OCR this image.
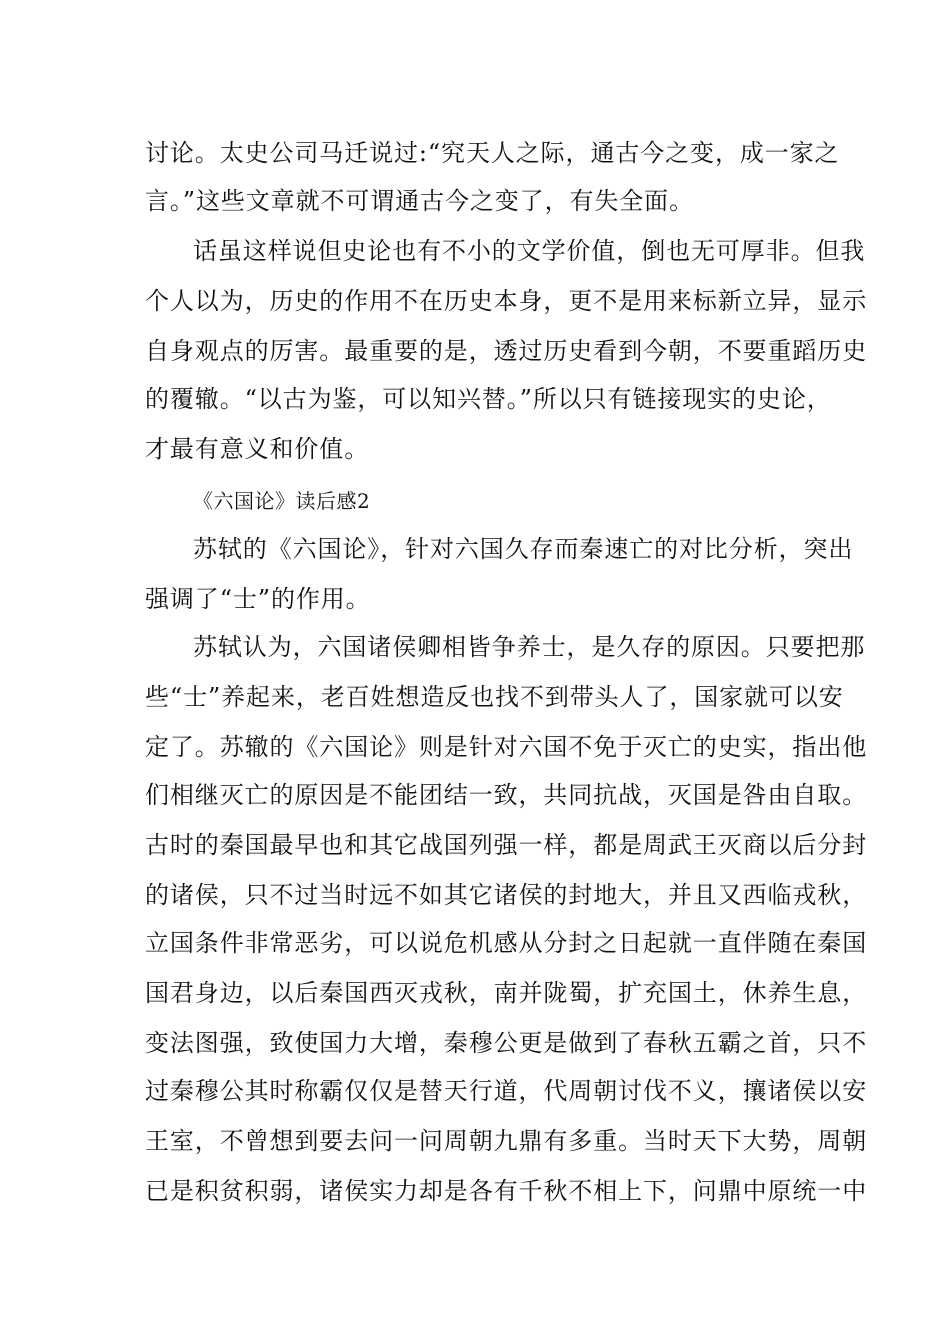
讨论。太史公司马迁说过:“究天人之际，通古今之变，成一家之
言。”这些文章就不可谓通古今之变了，有失全面。
话虽这样说但史论也有不小的文学价值，倒也无可厚非。但我
个人以为，历史的作用不在历史本身，更不是用来标新立异，显示
自身观点的厉害。最重要的是，透过历史看到今朝，不要重蹈历史
的覆辙。“以古为鉴，可以知兴替。”所以只有链接现实的史论，
才最有意义和价值。
《六国论》读后感2
苏轼的《六国论》，针对六国久存而秦速亡的对比分析，突出
强调了“士”的作用。
苏轼认为，六国诸侯卿相皆争养士，是久存的原因。只要把那
些“士”养起来，老百姓想造反也找不到带头人了，国家就可以安
定了。苏辙的《六国论》则是针对六国不免于灭亡的史实，指出他
们相继灭亡的原因是不能团结一致，共同抗战，灭国是咎由自取。
古时的秦国最早也和其它战国列强一样，都是周武王灭商以后分封
的诸侯，只不过当时远不如其它诸侯的封地大，并且又西临戎秋，
立国条件非常恶劣，可以说危机感从分封之日起就一直伴随在秦国
国君身边，以后秦国西灭戎秋，南并陇蜀，扩充国土，休养生息，
变法图强，致使国力大增，秦穆公更是做到了春秋五霸之首，只不
过秦穆公其时称霸仅仅是替天行道，代周朝讨伐不义，攘诸侯以安
王室，不曾想到要去问一问周朝九鼎有多重。当时天下大势，周朝
已是积贫积弱，诸侯实力却是各有千秋不相上下，问鼎中原统一中
